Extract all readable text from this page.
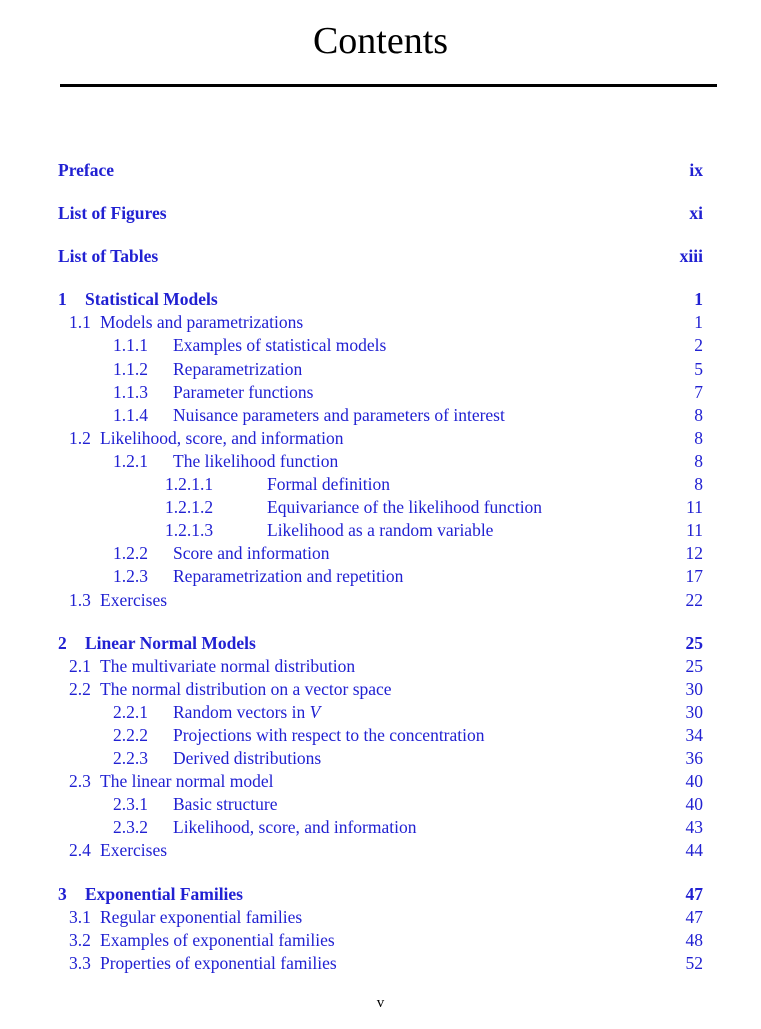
Contents
Preface	ix
List of Figures	xi
List of Tables	xiii
1	Statistical Models	1
1.1 Models and parametrizations	1
1.1.1	Examples of statistical models	2
1.1.2	Reparametrization	5
1.1.3	Parameter functions	7
1.1.4	Nuisance parameters and parameters of interest	8
1.2 Likelihood, score, and information	8
1.2.1	The likelihood function	8
1.2.1.1	Formal definition	8
1.2.1.2	Equivariance of the likelihood function	11
1.2.1.3	Likelihood as a random variable	11
1.2.2	Score and information	12
1.2.3	Reparametrization and repetition	17
1.3 Exercises	22
2	Linear Normal Models	25
2.1 The multivariate normal distribution	25
2.2 The normal distribution on a vector space	30
2.2.1	Random vectors in V	30
2.2.2	Projections with respect to the concentration	34
2.2.3	Derived distributions	36
2.3 The linear normal model	40
2.3.1	Basic structure	40
2.3.2	Likelihood, score, and information	43
2.4 Exercises	44
3	Exponential Families	47
3.1 Regular exponential families	47
3.2 Examples of exponential families	48
3.3 Properties of exponential families	52
v
